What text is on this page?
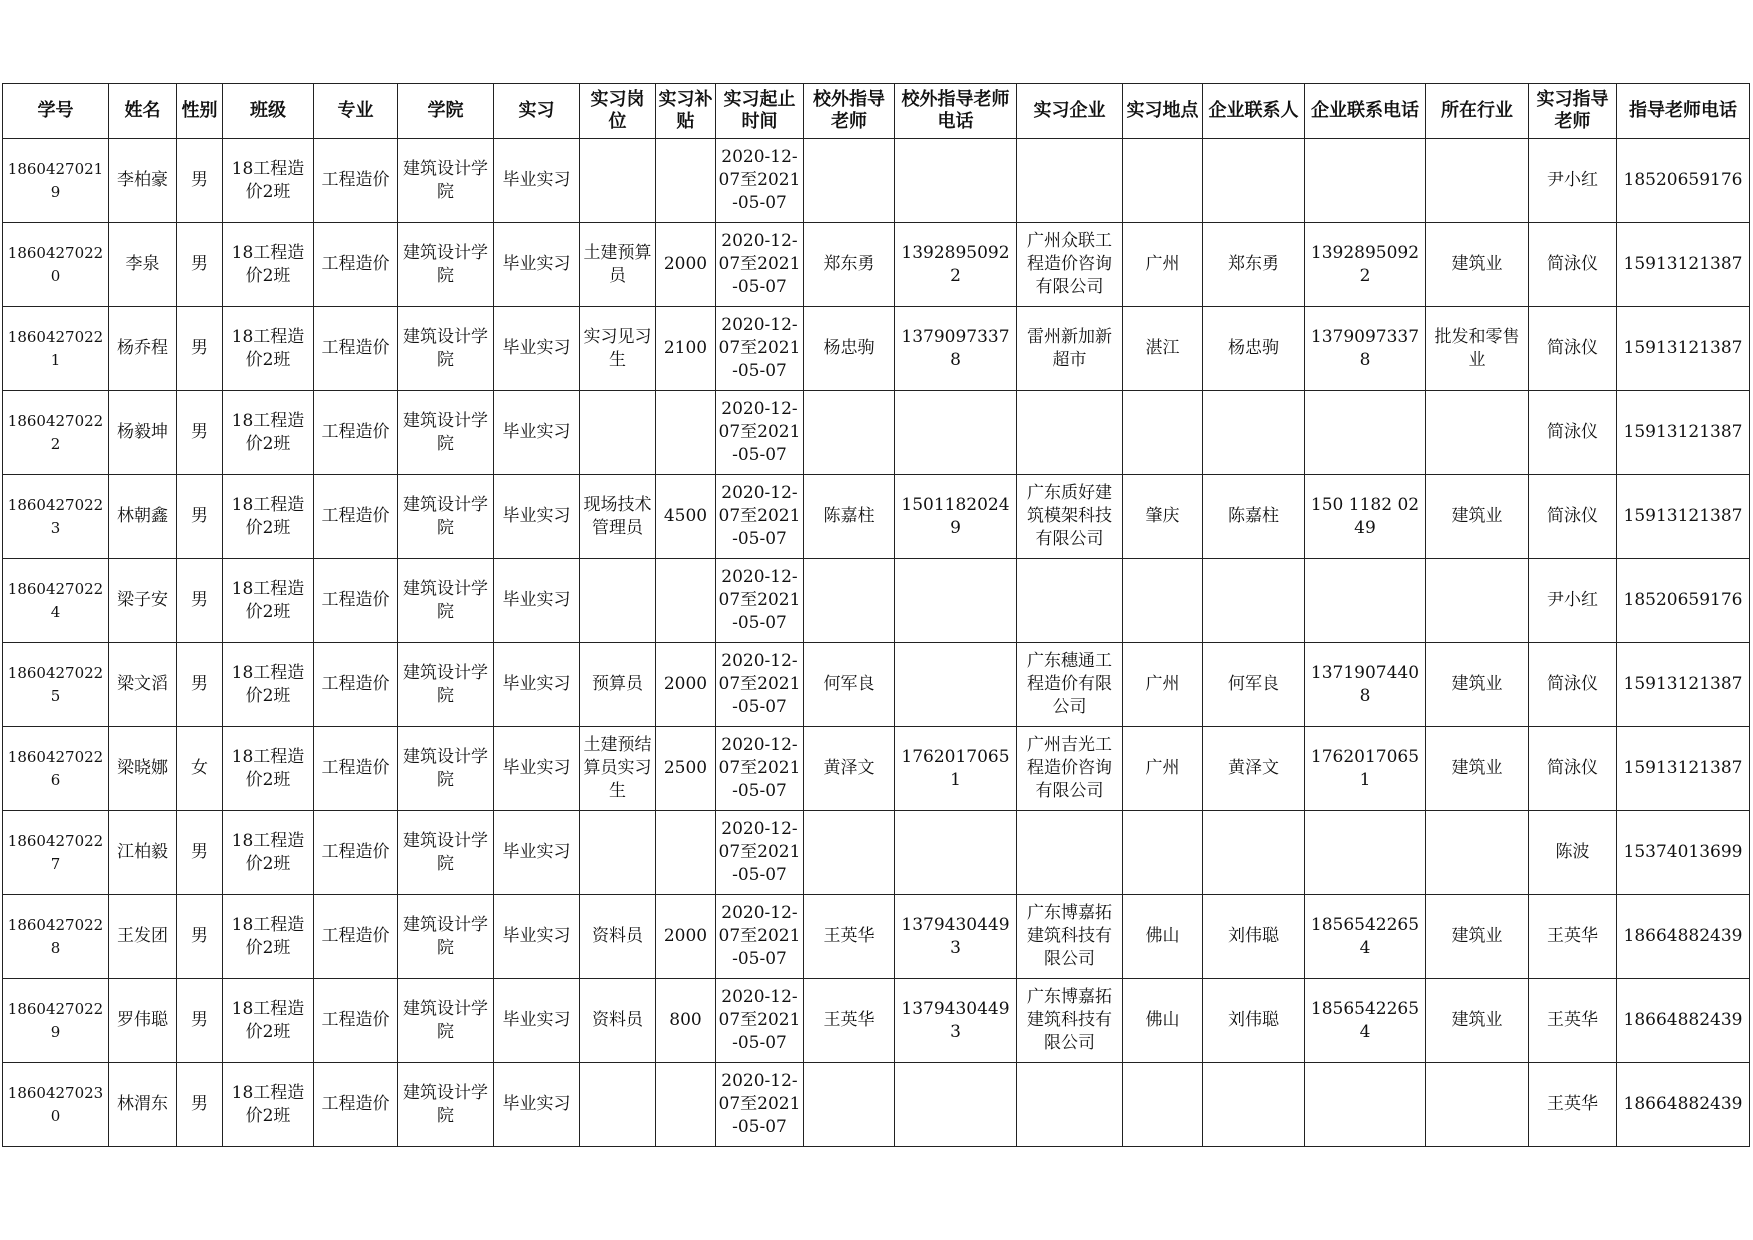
学号	姓名	性别	班级	专业	学院	实习	实习岗位	实习补贴	实习起止时间	校外指导老师	校外指导老师电话	实习企业	实习地点	企业联系人	企业联系电话	所在行业	实习指导老师	指导老师电话
18604270219	李柏豪	男	18工程造价2班	工程造价	建筑设计学院	毕业实习			2020-12-07至2021-05-07								尹小红	18520659176
18604270220	李泉	男	18工程造价2班	工程造价	建筑设计学院	毕业实习	土建预算员	2000	2020-12-07至2021-05-07	郑东勇	13928950922	广州众联工程造价咨询有限公司	广州	郑东勇	13928950922	建筑业	简泳仪	15913121387
18604270221	杨乔程	男	18工程造价2班	工程造价	建筑设计学院	毕业实习	实习见习生	2100	2020-12-07至2021-05-07	杨忠驹	13790973378	雷州新加新超市	湛江	杨忠驹	13790973378	批发和零售业	简泳仪	15913121387
18604270222	杨毅坤	男	18工程造价2班	工程造价	建筑设计学院	毕业实习			2020-12-07至2021-05-07								简泳仪	15913121387
18604270223	林朝鑫	男	18工程造价2班	工程造价	建筑设计学院	毕业实习	现场技术管理员	4500	2020-12-07至2021-05-07	陈嘉柱	15011820249	广东质好建筑模架科技有限公司	肇庆	陈嘉柱	150 1182 0249	建筑业	简泳仪	15913121387
18604270224	梁子安	男	18工程造价2班	工程造价	建筑设计学院	毕业实习			2020-12-07至2021-05-07								尹小红	18520659176
18604270225	梁文滔	男	18工程造价2班	工程造价	建筑设计学院	毕业实习	预算员	2000	2020-12-07至2021-05-07	何军良		广东穗通工程造价有限公司	广州	何军良	13719074408	建筑业	简泳仪	15913121387
18604270226	梁晓娜	女	18工程造价2班	工程造价	建筑设计学院	毕业实习	土建预结算员实习生	2500	2020-12-07至2021-05-07	黄泽文	17620170651	广州吉光工程造价咨询有限公司	广州	黄泽文	17620170651	建筑业	简泳仪	15913121387
18604270227	江柏毅	男	18工程造价2班	工程造价	建筑设计学院	毕业实习			2020-12-07至2021-05-07								陈波	15374013699
18604270228	王发团	男	18工程造价2班	工程造价	建筑设计学院	毕业实习	资料员	2000	2020-12-07至2021-05-07	王英华	13794304493	广东博嘉拓建筑科技有限公司	佛山	刘伟聪	18565422654	建筑业	王英华	18664882439
18604270229	罗伟聪	男	18工程造价2班	工程造价	建筑设计学院	毕业实习	资料员	800	2020-12-07至2021-05-07	王英华	13794304493	广东博嘉拓建筑科技有限公司	佛山	刘伟聪	18565422654	建筑业	王英华	18664882439
18604270230	林渭东	男	18工程造价2班	工程造价	建筑设计学院	毕业实习			2020-12-07至2021-05-07								王英华	18664882439
